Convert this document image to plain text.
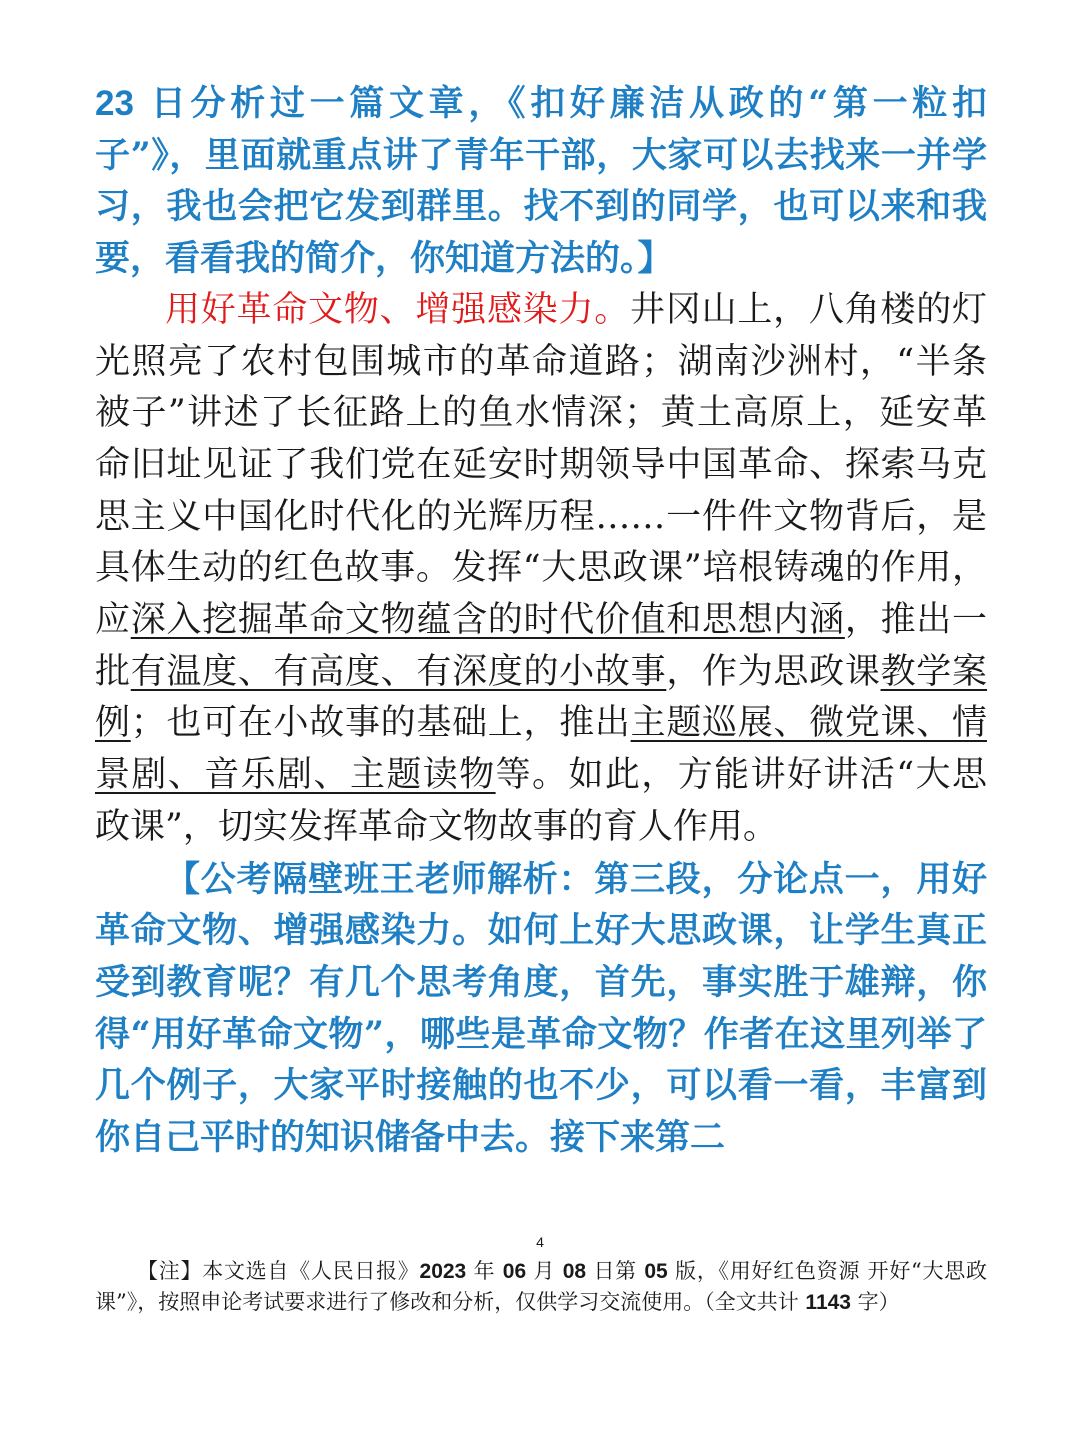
23 日分析过一篇文章，《扣好廉洁从政的“第一粒扣子”》，里面就重点讲了青年干部，大家可以去找来一并学习，我也会把它发到群里。找不到的同学，也可以来和我要，看看我的简介，你知道方法的。】

用好革命文物、增强感染力。井冈山上，八角楼的灯光照亮了农村包围城市的革命道路；湖南沙洲村，“半条被子”讲述了长征路上的鱼水情深；黄土高原上，延安革命旧址见证了我们党在延安时期领导中国革命、探索马克思主义中国化时代化的光辉历程……一件件文物背后，是具体生动的红色故事。发挥“大思政课”培根铸魂的作用，应深入挖掘革命文物蕴含的时代价值和思想内涵，推出一批有温度、有高度、有深度的小故事，作为思政课教学案例；也可在小故事的基础上，推出主题巡展、微党课、情景剧、音乐剧、主题读物等。如此，方能讲好讲活“大思政课”，切实发挥革命文物故事的育人作用。

【公考隔壁班王老师解析：第三段，分论点一，用好革命文物、增强感染力。如何上好大思政课，让学生真正受到教育呢？有几个思考角度，首先，事实胜于雄辩，你得“用好革命文物”，哪些是革命文物？作者在这里列举了几个例子，大家平时接触的也不少，可以看一看，丰富到你自己平时的知识储备中去。接下来第二

4
【注】本文选自《人民日报》2023 年 06 月 08 日第 05 版，《用好红色资源 开好“大思政课”》，按照申论考试要求进行了修改和分析，仅供学习交流使用。（全文共计 1143 字）
